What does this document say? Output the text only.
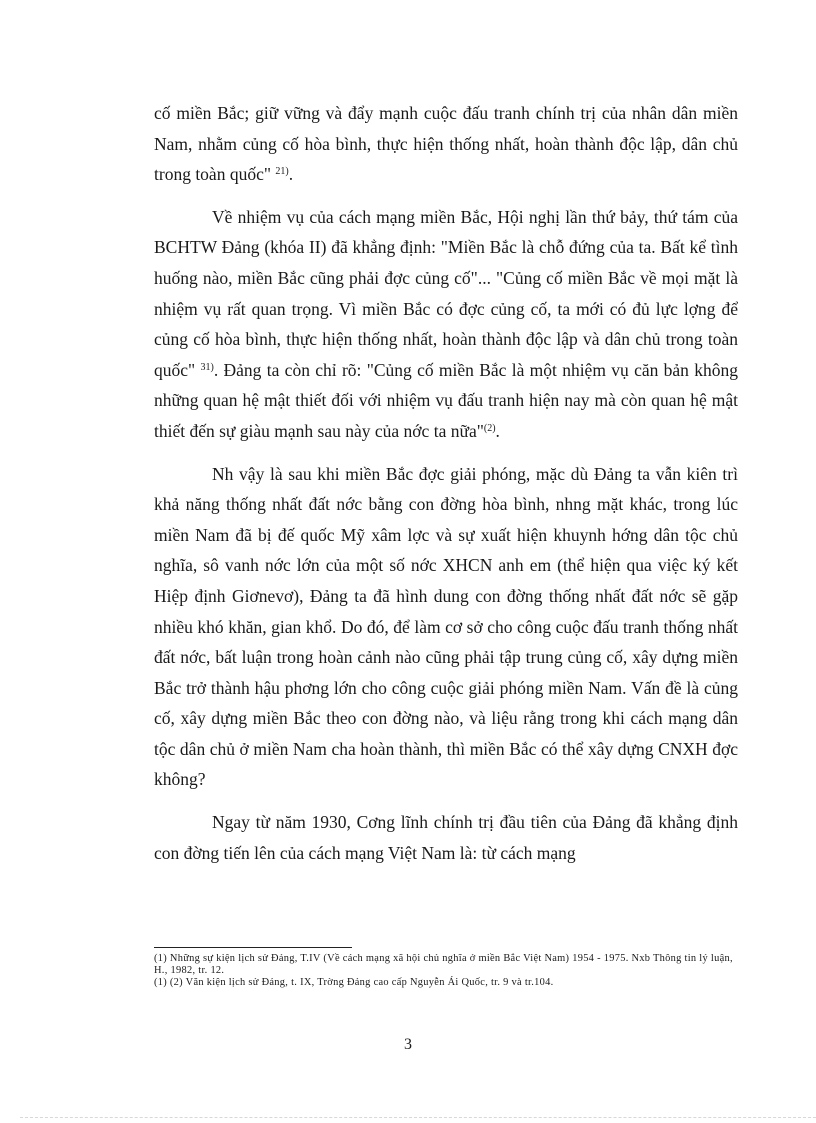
cố miền Bắc; giữ vững và đẩy mạnh cuộc đấu tranh chính trị của nhân dân miền Nam, nhằm củng cố hòa bình, thực hiện thống nhất, hoàn thành độc lập, dân chủ trong toàn quốc" $^{21)}$.

Về nhiệm vụ của cách mạng miền Bắc, Hội nghị lần thứ bảy, thứ tám của BCHTW Đảng (khóa II) đã khẳng định: "Miền Bắc là chỗ đứng của ta. Bất kể tình huống nào, miền Bắc cũng phải đợc củng cố"... "Củng cố miền Bắc về mọi mặt là nhiệm vụ rất quan trọng. Vì miền Bắc có đợc củng cố, ta mới có đủ lực lợng để củng cố hòa bình, thực hiện thống nhất, hoàn thành độc lập và dân chủ trong toàn quốc" $^{31)}$. Đảng ta còn chỉ rõ: "Củng cố miền Bắc là một nhiệm vụ căn bản không những quan hệ mật thiết đối với nhiệm vụ đấu tranh hiện nay mà còn quan hệ mật thiết đến sự giàu mạnh sau này của nớc ta nữa"$^{(2)}$.

Nh vậy là sau khi miền Bắc đợc giải phóng, mặc dù Đảng ta vẫn kiên trì khả năng thống nhất đất nớc bằng con đờng hòa bình, nhng mặt khác, trong lúc miền Nam đã bị đế quốc Mỹ xâm lợc và sự xuất hiện khuynh hớng dân tộc chủ nghĩa, sô vanh nớc lớn của một số nớc XHCN anh em (thể hiện qua việc ký kết Hiệp định Giơnevơ), Đảng ta đã hình dung con đờng thống nhất đất nớc sẽ gặp nhiều khó khăn, gian khổ. Do đó, để làm cơ sở cho công cuộc đấu tranh thống nhất đất nớc, bất luận trong hoàn cảnh nào cũng phải tập trung củng cố, xây dựng miền Bắc trở thành hậu phơng lớn cho công cuộc giải phóng miền Nam. Vấn đề là củng cố, xây dựng miền Bắc theo con đờng nào, và liệu rằng trong khi cách mạng dân tộc dân chủ ở miền Nam cha hoàn thành, thì miền Bắc có thể xây dựng CNXH đợc không?

Ngay từ năm 1930, Cơng lĩnh chính trị đầu tiên của Đảng đã khẳng định con đờng tiến lên của cách mạng Việt Nam là: từ cách mạng

(1) Những sự kiện lịch sử Đảng, T.IV (Về cách mạng xã hội chủ nghĩa ở miền Bắc Việt Nam) 1954 - 1975. Nxb Thông tin lý luận, H., 1982, tr. 12.
(1) (2) Văn kiện lịch sử Đảng, t. IX, Trờng Đảng cao cấp Nguyễn Ái Quốc, tr. 9 và tr.104.
3
